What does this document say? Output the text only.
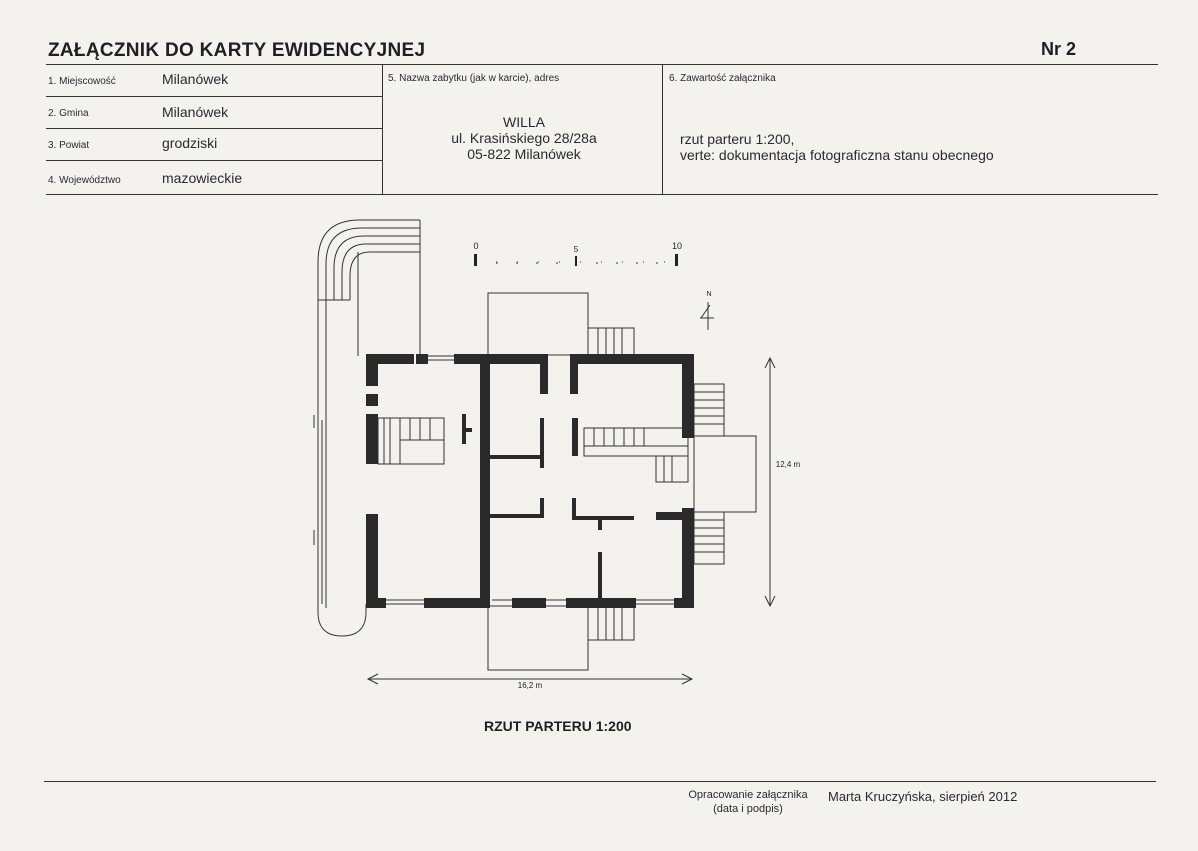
ZAŁĄCZNIK DO KARTY EWIDENCYJNEJ	Nr 2
1. Miejscowość	Milanówek
2. Gmina	Milanówek
3. Powiat	grodziski
4. Województwo	mazowieckie
5. Nazwa zabytku (jak w karcie), adres
WILLA
ul. Krasińskiego 28/28a
05-822 Milanówek
6. Zawartość załącznika
rzut parteru 1:200,
verte: dokumentacja fotograficzna stanu obecnego
0	5	10
N
12,4 m
16,2 m
RZUT PARTERU 1:200
Opracowanie załącznika
(data i podpis)
Marta Kruczyńska, sierpień 2012
